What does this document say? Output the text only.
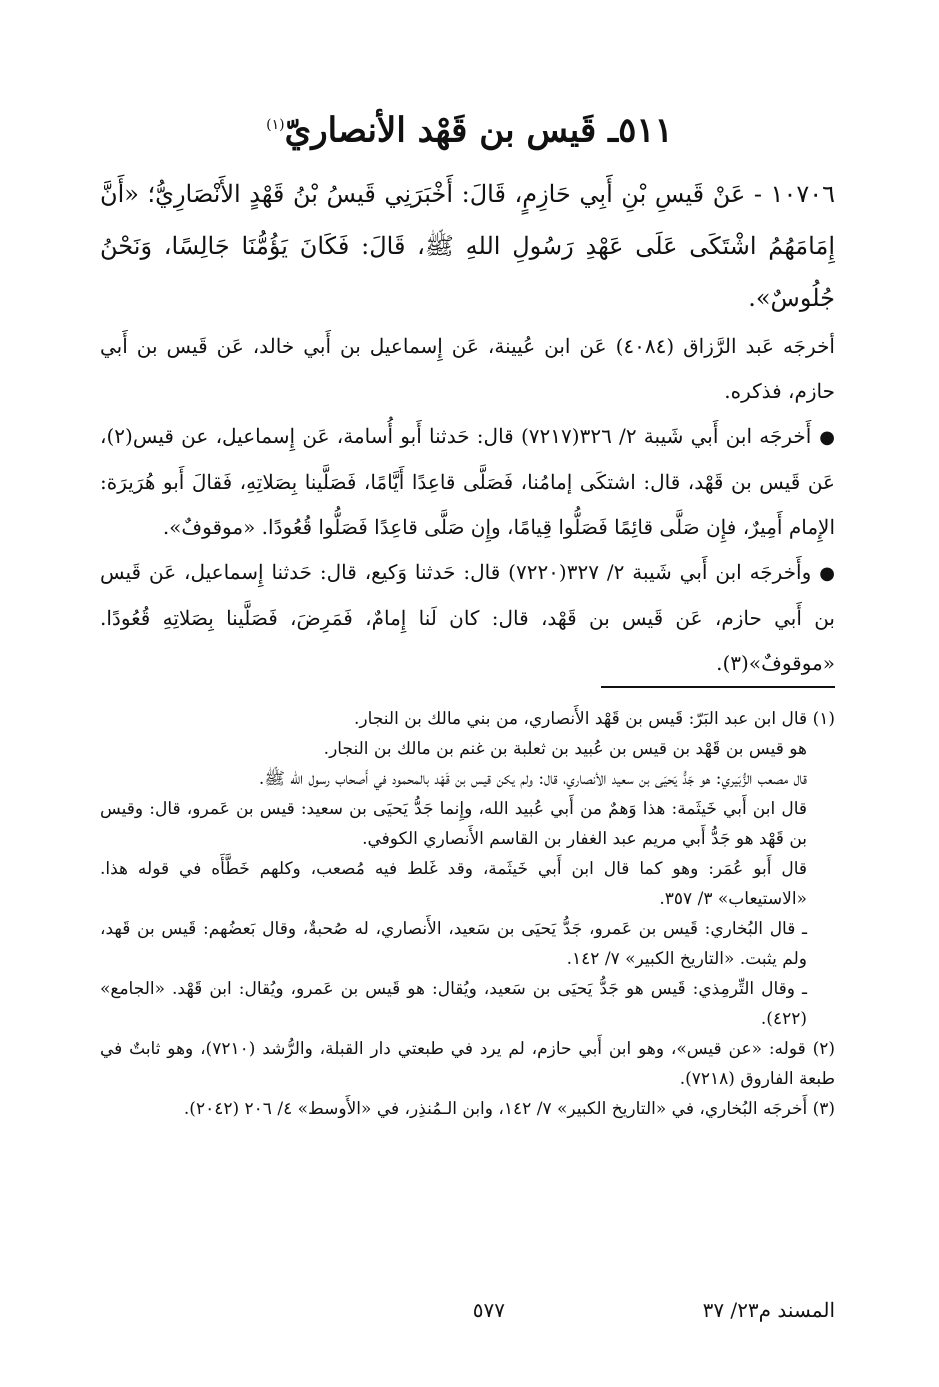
٥١١ـ قَيس بن قَهْد الأنصاريّ$^{(١)}$

١٠٧٠٦ - عَنْ قَيسِ بْنِ أَبِي حَازِمٍ، قَالَ: أَخْبَرَنِي قَيسُ بْنُ قَهْدٍ الأَنْصَارِيُّ؛ «أَنَّ إِمَامَهُمُ اشْتَكَى عَلَى عَهْدِ رَسُولِ اللهِ ﷺ، قَالَ: فَكَانَ يَؤُمُّنَا جَالِسًا، وَنَحْنُ جُلُوسٌ».

أخرجَه عَبد الرَّزاق (٤٠٨٤) عَن ابن عُيينة، عَن إِسماعيل بن أَبي خالد، عَن قَيس بن أَبي حازم، فذكره.

●أَخرجَه ابن أَبي شَيبة ٢/ ٣٢٦(٧٢١٧) قال: حَدثنا أَبو أُسامة، عَن إِسماعيل، عن قيس(٢)، عَن قَيس بن قَهْد، قال: اشتكَى إمامُنا، فَصَلَّى قاعِدًا أَيَّامًا، فَصَلَّينا بِصَلاتِهِ، فَقالَ أَبو هُرَيرَة: الإِمام أَمِيرٌ، فإِن صَلَّى قائِمًا فَصَلُّوا قِيامًا، وإِن صَلَّى قاعِدًا فَصَلُّوا قُعُودًا. «موقوفٌ».

●وأَخرجَه ابن أَبي شَيبة ٢/ ٣٢٧(٧٢٢٠) قال: حَدثنا وَكيع، قال: حَدثنا إِسماعيل، عَن قَيس بن أَبي حازم، عَن قَيس بن قَهْد، قال: كان لَنا إِمامٌ، فَمَرِضَ، فَصَلَّينا بِصَلاتِهِ قُعُودًا. «موقوفٌ»(٣).

(١) قال ابن عبد البَرّ: قَيس بن قَهْد الأَنصاري، من بني مالك بن النجار.

هو قيس بن قَهْد بن قيس بن عُبيد بن ثعلبة بن غنم بن مالك بن النجار.

قال مصعب الزُّبَيري: هو جَدُّ يَحيَى بن سعيد الأنصاري، قال: ولم يكن قيس بن قَهْد بالمحمود في أَصحاب رسول الله ﷺ.

قال ابن أَبي خَيثَمة: هذا وَهمٌ من أَبي عُبيد الله، وإِنما جَدُّ يَحيَى بن سعيد: قيس بن عَمرو، قال: وقيس بن قَهْد هو جَدُّ أَبي مريم عبد الغفار بن القاسم الأَنصاري الكوفي.

قال أَبو عُمَر: وهو كما قال ابن أَبي خَيثَمة، وقد غَلط فيه مُصعب، وكلهم خَطَّأَه في قوله هذا. «الاستيعاب» ٣/ ٣٥٧.

ـ قال البُخاري: قَيس بن عَمرو، جَدُّ يَحيَى بن سَعيد، الأَنصاري، له صُحبةٌ، وقال بَعضُهم: قَيس بن قَهد، ولم يثبت. «التاريخ الكبير» ٧/ ١٤٢.

ـ وقال التِّرمِذي: قَيس هو جَدُّ يَحيَى بن سَعيد، ويُقال: هو قَيس بن عَمرو، ويُقال: ابن قَهْد. «الجامع» (٤٢٢).

(٢) قوله: «عن قيس»، وهو ابن أَبي حازم، لم يرد في طبعتي دار القبلة، والرُّشد (٧٢١٠)، وهو ثابتٌ في طبعة الفاروق (٧٢١٨).

(٣) أَخرجَه البُخاري، في «التاريخ الكبير» ٧/ ١٤٢، وابن الـمُنذِر، في «الأَوسط» ٤/ ٢٠٦ (٢٠٤٢).

المسند م٢٣/ ٣٧
٥٧٧
